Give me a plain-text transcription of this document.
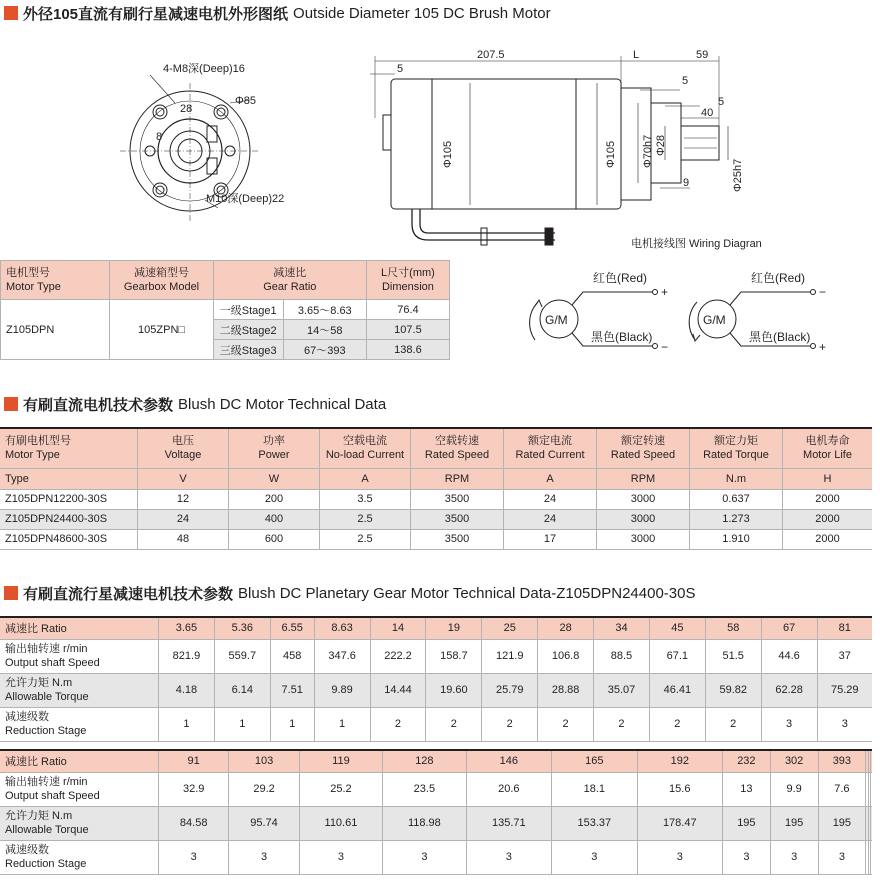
外径105直流有刷行星减速电机外形图纸 Outside Diameter 105 DC Brush Motor
4-M8深(Deep)16
Φ85
28
8
M10深(Deep)22
207.5	L	59
5
5
40
5
9
Φ105	Φ105 Φ70h7 Φ28
Φ25h7
电机接线图 Wiring Diagran
G/M
红色(Red)
黑色(Black)
+
−
G/M
红色(Red)
黑色(Black)
−
+
电机型号
Motor Type	减速箱型号
Gearbox Model	减速比
Gear Ratio		L尺寸(mm)
Dimension

Z105DPN	105ZPN□	一级Stage1	3.65～8.63	76.4
		二级Stage2	14～58	107.5
		三级Stage3	67～393	138.6
有刷直流电机技术参数 Blush DC Motor Technical Data
有刷电机型号
Motor Type	电压
Voltage	功率
Power	空载电流
No-load Current	空载转速
Rated Speed	额定电流
Rated Current	额定转速
Rated Speed	额定力矩
Rated Torque	电机寿命
Motor Life

Type	V	W	A	RPM	A	RPM	N.m	H
Z105DPN12200-30S	12	200	3.5	3500	24	3000	0.637	2000
Z105DPN24400-30S	24	400	2.5	3500	24	3000	1.273	2000
Z105DPN48600-30S	48	600	2.5	3500	17	3000	1.910	2000
有刷直流行星减速电机技术参数 Blush DC Planetary Gear Motor Technical Data-Z105DPN24400-30S
减速比 Ratio	3.65	5.36	6.55	8.63	14	19	25	28	34	45	58	67	81

输出轴转速 r/min
Output shaft Speed	821.9	559.7	458	347.6	222.2	158.7	121.9	106.8	88.5	67.1	51.5	44.6	37

允许力矩 N.m
Allowable Torque	4.18	6.14	7.51	9.89	14.44	19.60	25.79	28.88	35.07	46.41	59.82	62.28	75.29

减速级数
Reduction Stage	1	1	1	1	2	2	2	2	2	2	2	3	3
减速比 Ratio	91	103	119	128	146	165	192	232	302	393			

输出轴转速 r/min
Output shaft Speed	32.9	29.2	25.2	23.5	20.6	18.1	15.6	13	9.9	7.6			

允许力矩 N.m
Allowable Torque	84.58	95.74	110.61	118.98	135.71	153.37	178.47	195	195	195			

减速级数
Reduction Stage	3	3	3	3	3	3	3	3	3	3			
